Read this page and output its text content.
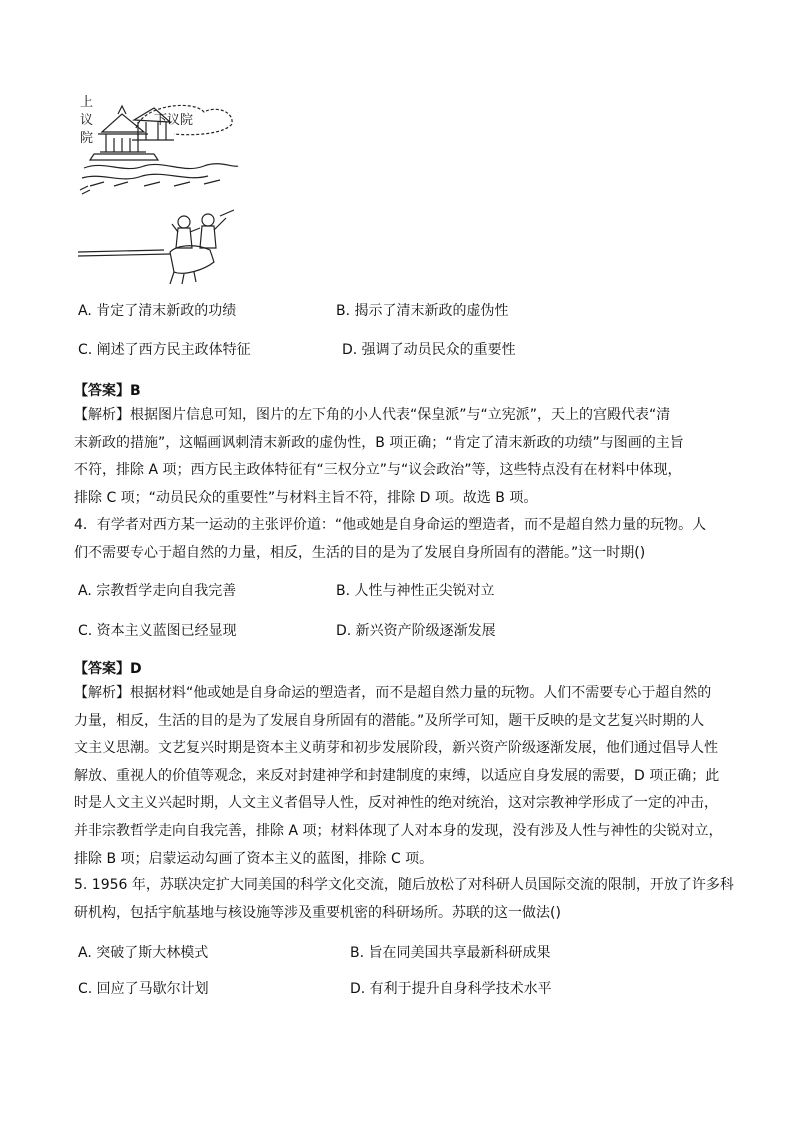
上
议
院
下议院
A. 肯定了清末新政的功绩	B. 揭示了清末新政的虚伪性
C. 阐述了西方民主政体特征	D. 强调了动员民众的重要性
【答案】B
【解析】根据图片信息可知，图片的左下角的小人代表“保皇派”与“立宪派”，天上的宫殿代表“清
末新政的措施”，这幅画讽刺清末新政的虚伪性，B 项正确；“肯定了清末新政的功绩”与图画的主旨
不符，排除 A 项；西方民主政体特征有“三权分立”与“议会政治”等，这些特点没有在材料中体现，
排除 C 项；“动员民众的重要性”与材料主旨不符，排除 D 项。故选 B 项。
4．有学者对西方某一运动的主张评价道：“他或她是自身命运的塑造者，而不是超自然力量的玩物。人
们不需要专心于超自然的力量，相反，生活的目的是为了发展自身所固有的潜能。”这一时期()
A. 宗教哲学走向自我完善	B. 人性与神性正尖锐对立
C. 资本主义蓝图已经显现	D. 新兴资产阶级逐渐发展
【答案】D
【解析】根据材料“他或她是自身命运的塑造者，而不是超自然力量的玩物。人们不需要专心于超自然的
力量，相反，生活的目的是为了发展自身所固有的潜能。”及所学可知，题干反映的是文艺复兴时期的人
文主义思潮。文艺复兴时期是资本主义萌芽和初步发展阶段，新兴资产阶级逐渐发展，他们通过倡导人性
解放、重视人的价值等观念，来反对封建神学和封建制度的束缚，以适应自身发展的需要，D 项正确；此
时是人文主义兴起时期，人文主义者倡导人性，反对神性的绝对统治，这对宗教神学形成了一定的冲击，
并非宗教哲学走向自我完善，排除 A 项；材料体现了人对本身的发现，没有涉及人性与神性的尖锐对立，
排除 B 项；启蒙运动勾画了资本主义的蓝图，排除 C 项。
5. 1956 年，苏联决定扩大同美国的科学文化交流，随后放松了对科研人员国际交流的限制，开放了许多科
研机构，包括宇航基地与核设施等涉及重要机密的科研场所。苏联的这一做法()
A. 突破了斯大林模式	B. 旨在同美国共享最新科研成果
C. 回应了马歇尔计划	D. 有利于提升自身科学技术水平
